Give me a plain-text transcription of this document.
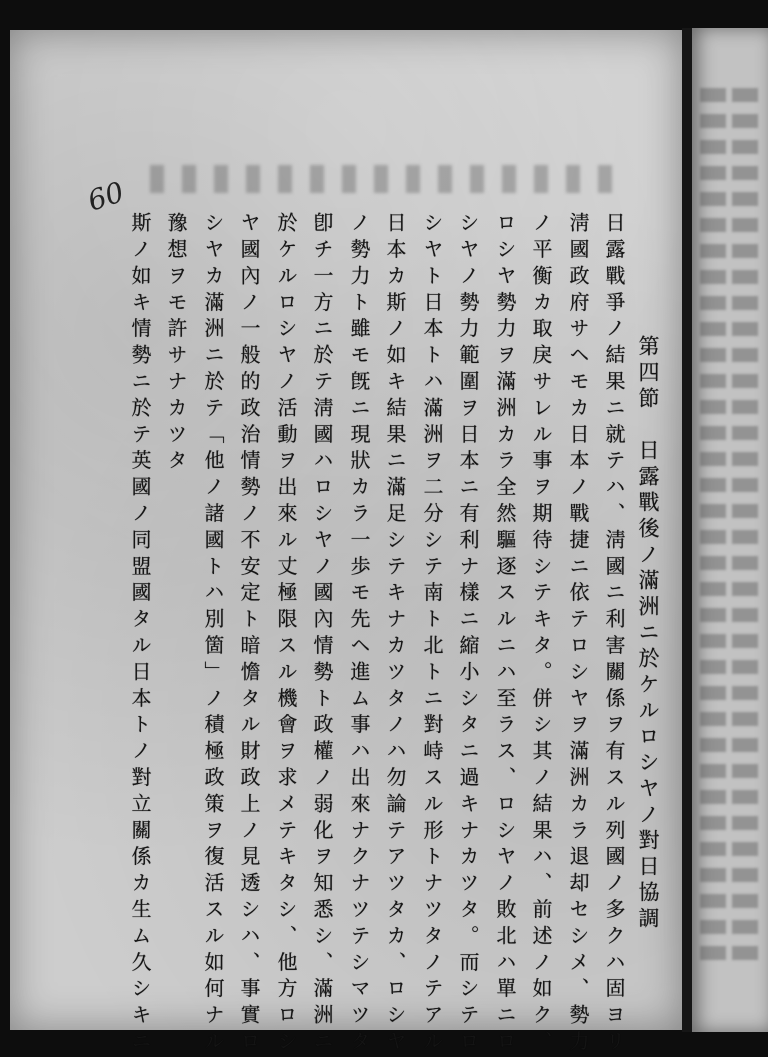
60
第四節　日露戰後ノ滿洲ニ於ケルロシヤノ對日協調
日露戰爭ノ結果ニ就テハ、淸國ニ利害關係ヲ有スル列國ノ多クハ固ヨリ
淸國政府サヘモカ日本ノ戰捷ニ依テロシヤヲ滿洲カラ退却セシメ、勢力
ノ平衡カ取戾サレル事ヲ期待シテキタ。併シ其ノ結果ハ、前述ノ如ク、
ロシヤ勢力ヲ滿洲カラ全然驅逐スルニハ至ラス、ロシヤノ敗北ハ單ニロ
シヤノ勢力範圍ヲ日本ニ有利ナ樣ニ縮小シタニ過キナカツタ。而シテロ
シヤト日本トハ滿洲ヲ二分シテ南ト北トニ對峙スル形トナツタノテアル
日本カ斯ノ如キ結果ニ滿足シテキナカツタノハ勿論テアツタカ、ロシヤ
ノ勢力ト雖モ旣ニ現狀カラ一歩モ先ヘ進ム事ハ出來ナクナツテシマツタ
卽チ一方ニ於テ淸國ハロシヤノ國內情勢ト政權ノ弱化ヲ知悉シ、滿洲ニ
於ケルロシヤノ活動ヲ出來ル丈極限スル機會ヲ求メテキタシ、他方ロシ
ヤ國內ノ一般的政治情勢ノ不安定ト暗憺タル財政上ノ見透シハ、事實ロ
シヤカ滿洲ニ於テ「他ノ諸國トハ別箇」ノ積極政策ヲ復活スル如何ナル
豫想ヲモ許サナカツタ
斯ノ如キ情勢ニ於テ英國ノ同盟國タル日本トノ對立關係カ生ム久シキニ
